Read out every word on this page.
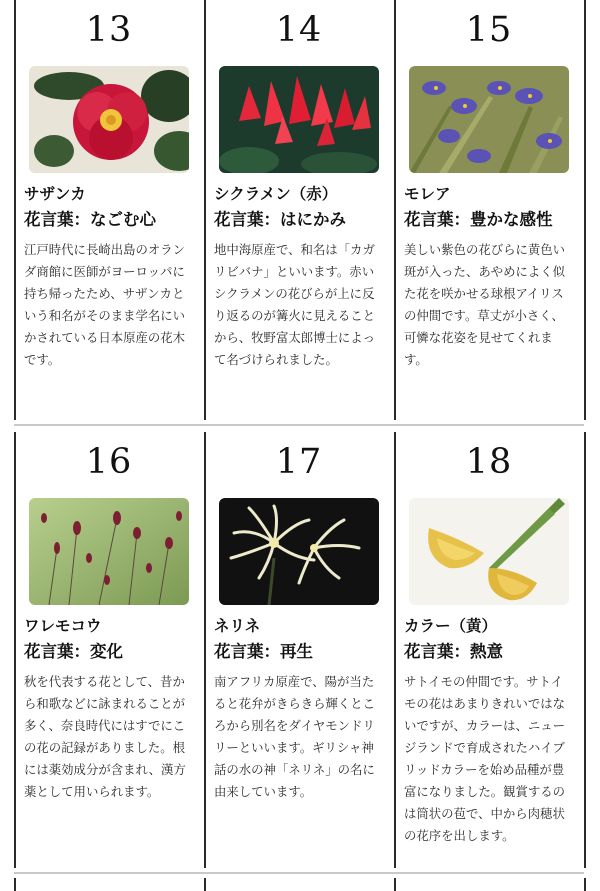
13
サザンカ
花言葉：なごむ心
江戸時代に長崎出島のオランダ商館に医師がヨーロッパに持ち帰ったため、サザンカという和名がそのまま学名にいかされている日本原産の花木です。
14
シクラメン（赤）
花言葉：はにかみ
地中海原産で、和名は「カガリビバナ」といいます。赤いシクラメンの花びらが上に反り返るのが篝火に見えることから、牧野富太郎博士によって名づけられました。
15
モレア
花言葉：豊かな感性
美しい紫色の花びらに黄色い斑が入った、あやめによく似た花を咲かせる球根アイリスの仲間です。草丈が小さく、可憐な花姿を見せてくれます。
16
ワレモコウ
花言葉：変化
秋を代表する花として、昔から和歌などに詠まれることが多く、奈良時代にはすでにこの花の記録がありました。根には薬効成分が含まれ、漢方薬として用いられます。
17
ネリネ
花言葉：再生
南アフリカ原産で、陽が当たると花弁がきらきら輝くところから別名をダイヤモンドリリーといいます。ギリシャ神話の水の神「ネリネ」の名に由来しています。
18
カラー（黄）
花言葉：熱意
サトイモの仲間です。サトイモの花はあまりきれいではないですが、カラーは、ニュージランドで育成されたハイブリッドカラーを始め品種が豊富になりました。観賞するのは筒状の苞で、中から肉穂状の花序を出します。
